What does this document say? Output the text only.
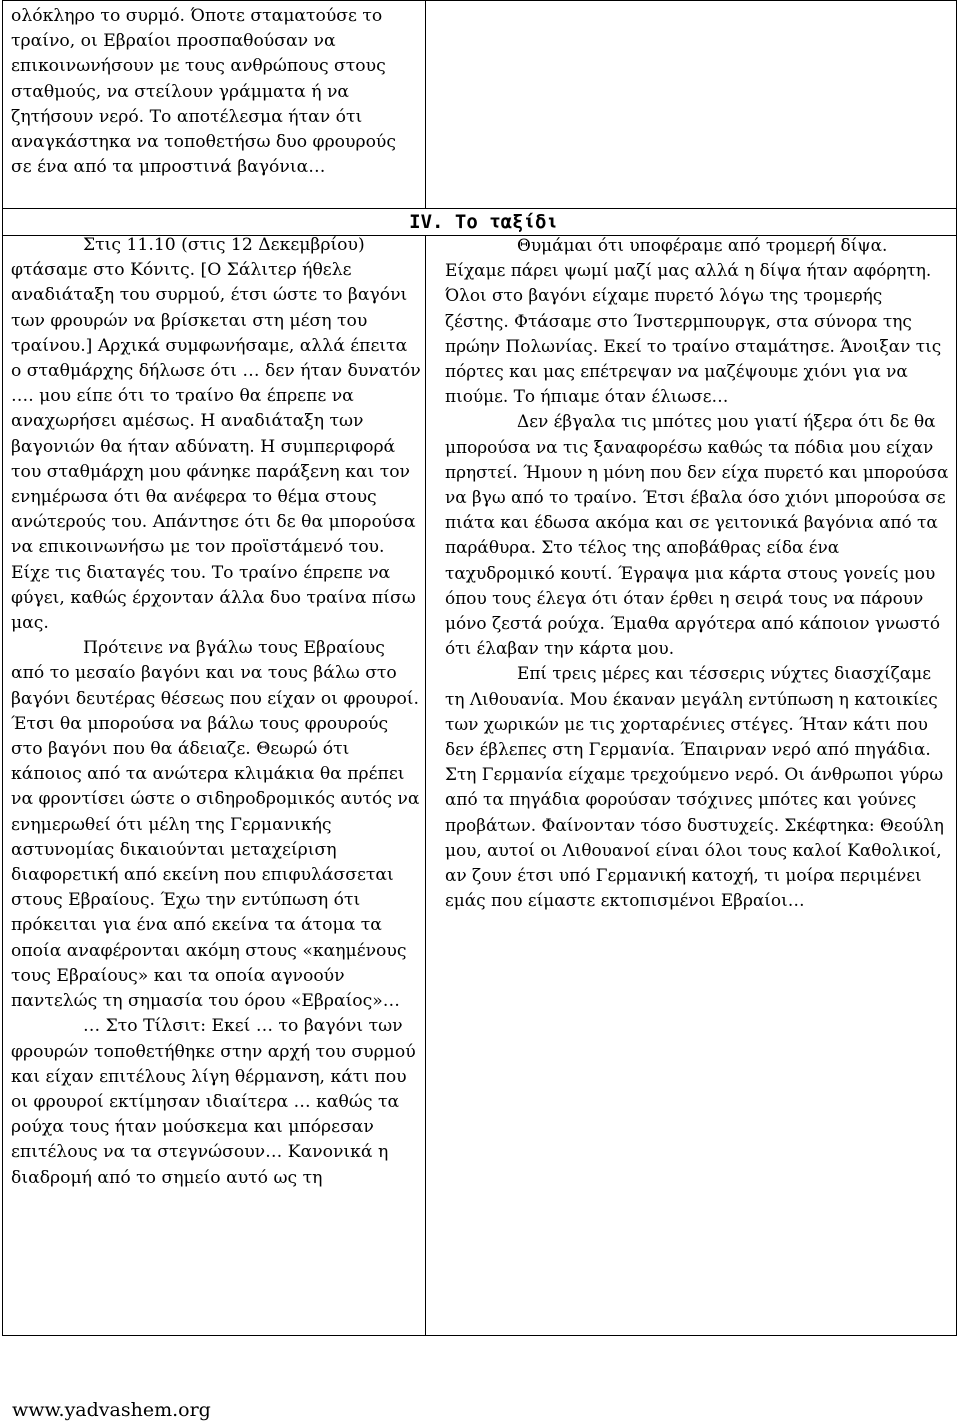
ολόκληρο το συρμό. Όποτε σταματούσε το τραίνο, οι Εβραίοι προσπαθούσαν να επικοινωνήσουν με τους ανθρώπους στους σταθμούς, να στείλουν γράμματα ή να ζητήσουν νερό. Το αποτέλεσμα ήταν ότι αναγκάστηκα να τοποθετήσω δυο φρουρούς σε ένα από τα μπροστινά βαγόνια…

IV. Το ταξίδι

Στις 11.10 (στις 12 Δεκεμβρίου) φτάσαμε στο Κόνιτς. [Ο Σάλιτερ ήθελε αναδιάταξη του συρμού, έτσι ώστε το βαγόνι των φρουρών να βρίσκεται στη μέση του τραίνου.] Αρχικά συμφωνήσαμε, αλλά έπειτα ο σταθμάρχης δήλωσε ότι … δεν ήταν δυνατόν …. μου είπε ότι το τραίνο θα έπρεπε να αναχωρήσει αμέσως. Η αναδιάταξη των βαγονιών θα ήταν αδύνατη. Η συμπεριφορά του σταθμάρχη μου φάνηκε παράξενη και τον ενημέρωσα ότι θα ανέφερα το θέμα στους ανώτερούς του. Απάντησε ότι δε θα μπορούσα να επικοινωνήσω με τον προϊστάμενό του. Είχε τις διαταγές του. Το τραίνο έπρεπε να φύγει, καθώς έρχονταν άλλα δυο τραίνα πίσω μας.

Πρότεινε να βγάλω τους Εβραίους από το μεσαίο βαγόνι και να τους βάλω στο βαγόνι δευτέρας θέσεως που είχαν οι φρουροί. Έτσι θα μπορούσα να βάλω τους φρουρούς στο βαγόνι που θα άδειαζε. Θεωρώ ότι κάποιος από τα ανώτερα κλιμάκια θα πρέπει να φροντίσει ώστε ο σιδηροδρομικός αυτός να ενημερωθεί ότι μέλη της Γερμανικής αστυνομίας δικαιούνται μεταχείριση διαφορετική από εκείνη που επιφυλάσσεται στους Εβραίους. Έχω την εντύπωση ότι πρόκειται για ένα από εκείνα τα άτομα τα οποία αναφέρονται ακόμη στους «καημένους τους Εβραίους» και τα οποία αγνοούν παντελώς τη σημασία του όρου «Εβραίος»…

… Στο Τίλσιτ: Εκεί … το βαγόνι των φρουρών τοποθετήθηκε στην αρχή του συρμού και είχαν επιτέλους λίγη θέρμανση, κάτι που οι φρουροί εκτίμησαν ιδιαίτερα … καθώς τα ρούχα τους ήταν μούσκεμα και μπόρεσαν επιτέλους να τα στεγνώσουν… Κανονικά η διαδρομή από το σημείο αυτό ως τη

Θυμάμαι ότι υποφέραμε από τρομερή δίψα. Είχαμε πάρει ψωμί μαζί μας αλλά η δίψα ήταν αφόρητη. Όλοι στο βαγόνι είχαμε πυρετό λόγω της τρομερής ζέστης. Φτάσαμε στο Ίνστερμπουργκ, στα σύνορα της πρώην Πολωνίας. Εκεί το τραίνο σταμάτησε. Άνοιξαν τις πόρτες και μας επέτρεψαν να μαζέψουμε χιόνι για να πιούμε. Το ήπιαμε όταν έλιωσε…

Δεν έβγαλα τις μπότες μου γιατί ήξερα ότι δε θα μπορούσα να τις ξαναφορέσω καθώς τα πόδια μου είχαν πρηστεί. Ήμουν η μόνη που δεν είχα πυρετό και μπορούσα να βγω από το τραίνο. Έτσι έβαλα όσο χιόνι μπορούσα σε πιάτα και έδωσα ακόμα και σε γειτονικά βαγόνια από τα παράθυρα. Στο τέλος της αποβάθρας είδα ένα ταχυδρομικό κουτί. Έγραψα μια κάρτα στους γονείς μου όπου τους έλεγα ότι όταν έρθει η σειρά τους να πάρουν μόνο ζεστά ρούχα. Έμαθα αργότερα από κάποιον γνωστό ότι έλαβαν την κάρτα μου.

Επί τρεις μέρες και τέσσερις νύχτες διασχίζαμε τη Λιθουανία. Μου έκαναν μεγάλη εντύπωση η κατοικίες των χωρικών με τις χορταρένιες στέγες. Ήταν κάτι που δεν έβλεπες στη Γερμανία. Έπαιρναν νερό από πηγάδια. Στη Γερμανία είχαμε τρεχούμενο νερό. Οι άνθρωποι γύρω από τα πηγάδια φορούσαν τσόχινες μπότες και γούνες προβάτων. Φαίνονταν τόσο δυστυχείς. Σκέφτηκα: Θεούλη μου, αυτοί οι Λιθουανοί είναι όλοι τους καλοί Καθολικοί, αν ζουν έτσι υπό Γερμανική κατοχή, τι μοίρα περιμένει εμάς που είμαστε εκτοπισμένοι Εβραίοι…

www.yadvashem.org
